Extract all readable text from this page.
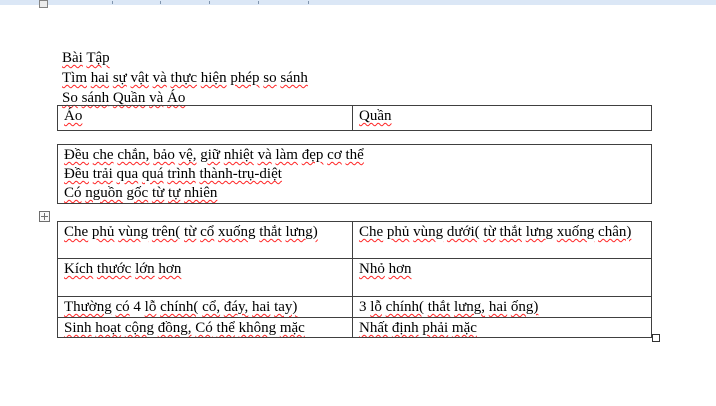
Bài Tập
Tìm hai sự vật và thực hiện phép so sánh
So sánh Quần và Áo
Áo	Quần
Đều che chắn, bảo vệ, giữ nhiệt và làm đẹp cơ thể
Đều trải qua quá trình thành-trụ-diệt
Có nguồn gốc từ tự nhiên
Che phủ vùng trên( từ cổ xuống thắt lưng)	Che phủ vùng dưới( từ thắt lưng xuống chân)
Kích thước lớn hơn	Nhỏ hơn
Thường có 4 lỗ chính( cổ, đáy, hai tay)	3 lỗ chính( thắt lưng, hai ống)
Sinh hoạt cộng đồng, Có thể không mặc	Nhất định phải mặc
